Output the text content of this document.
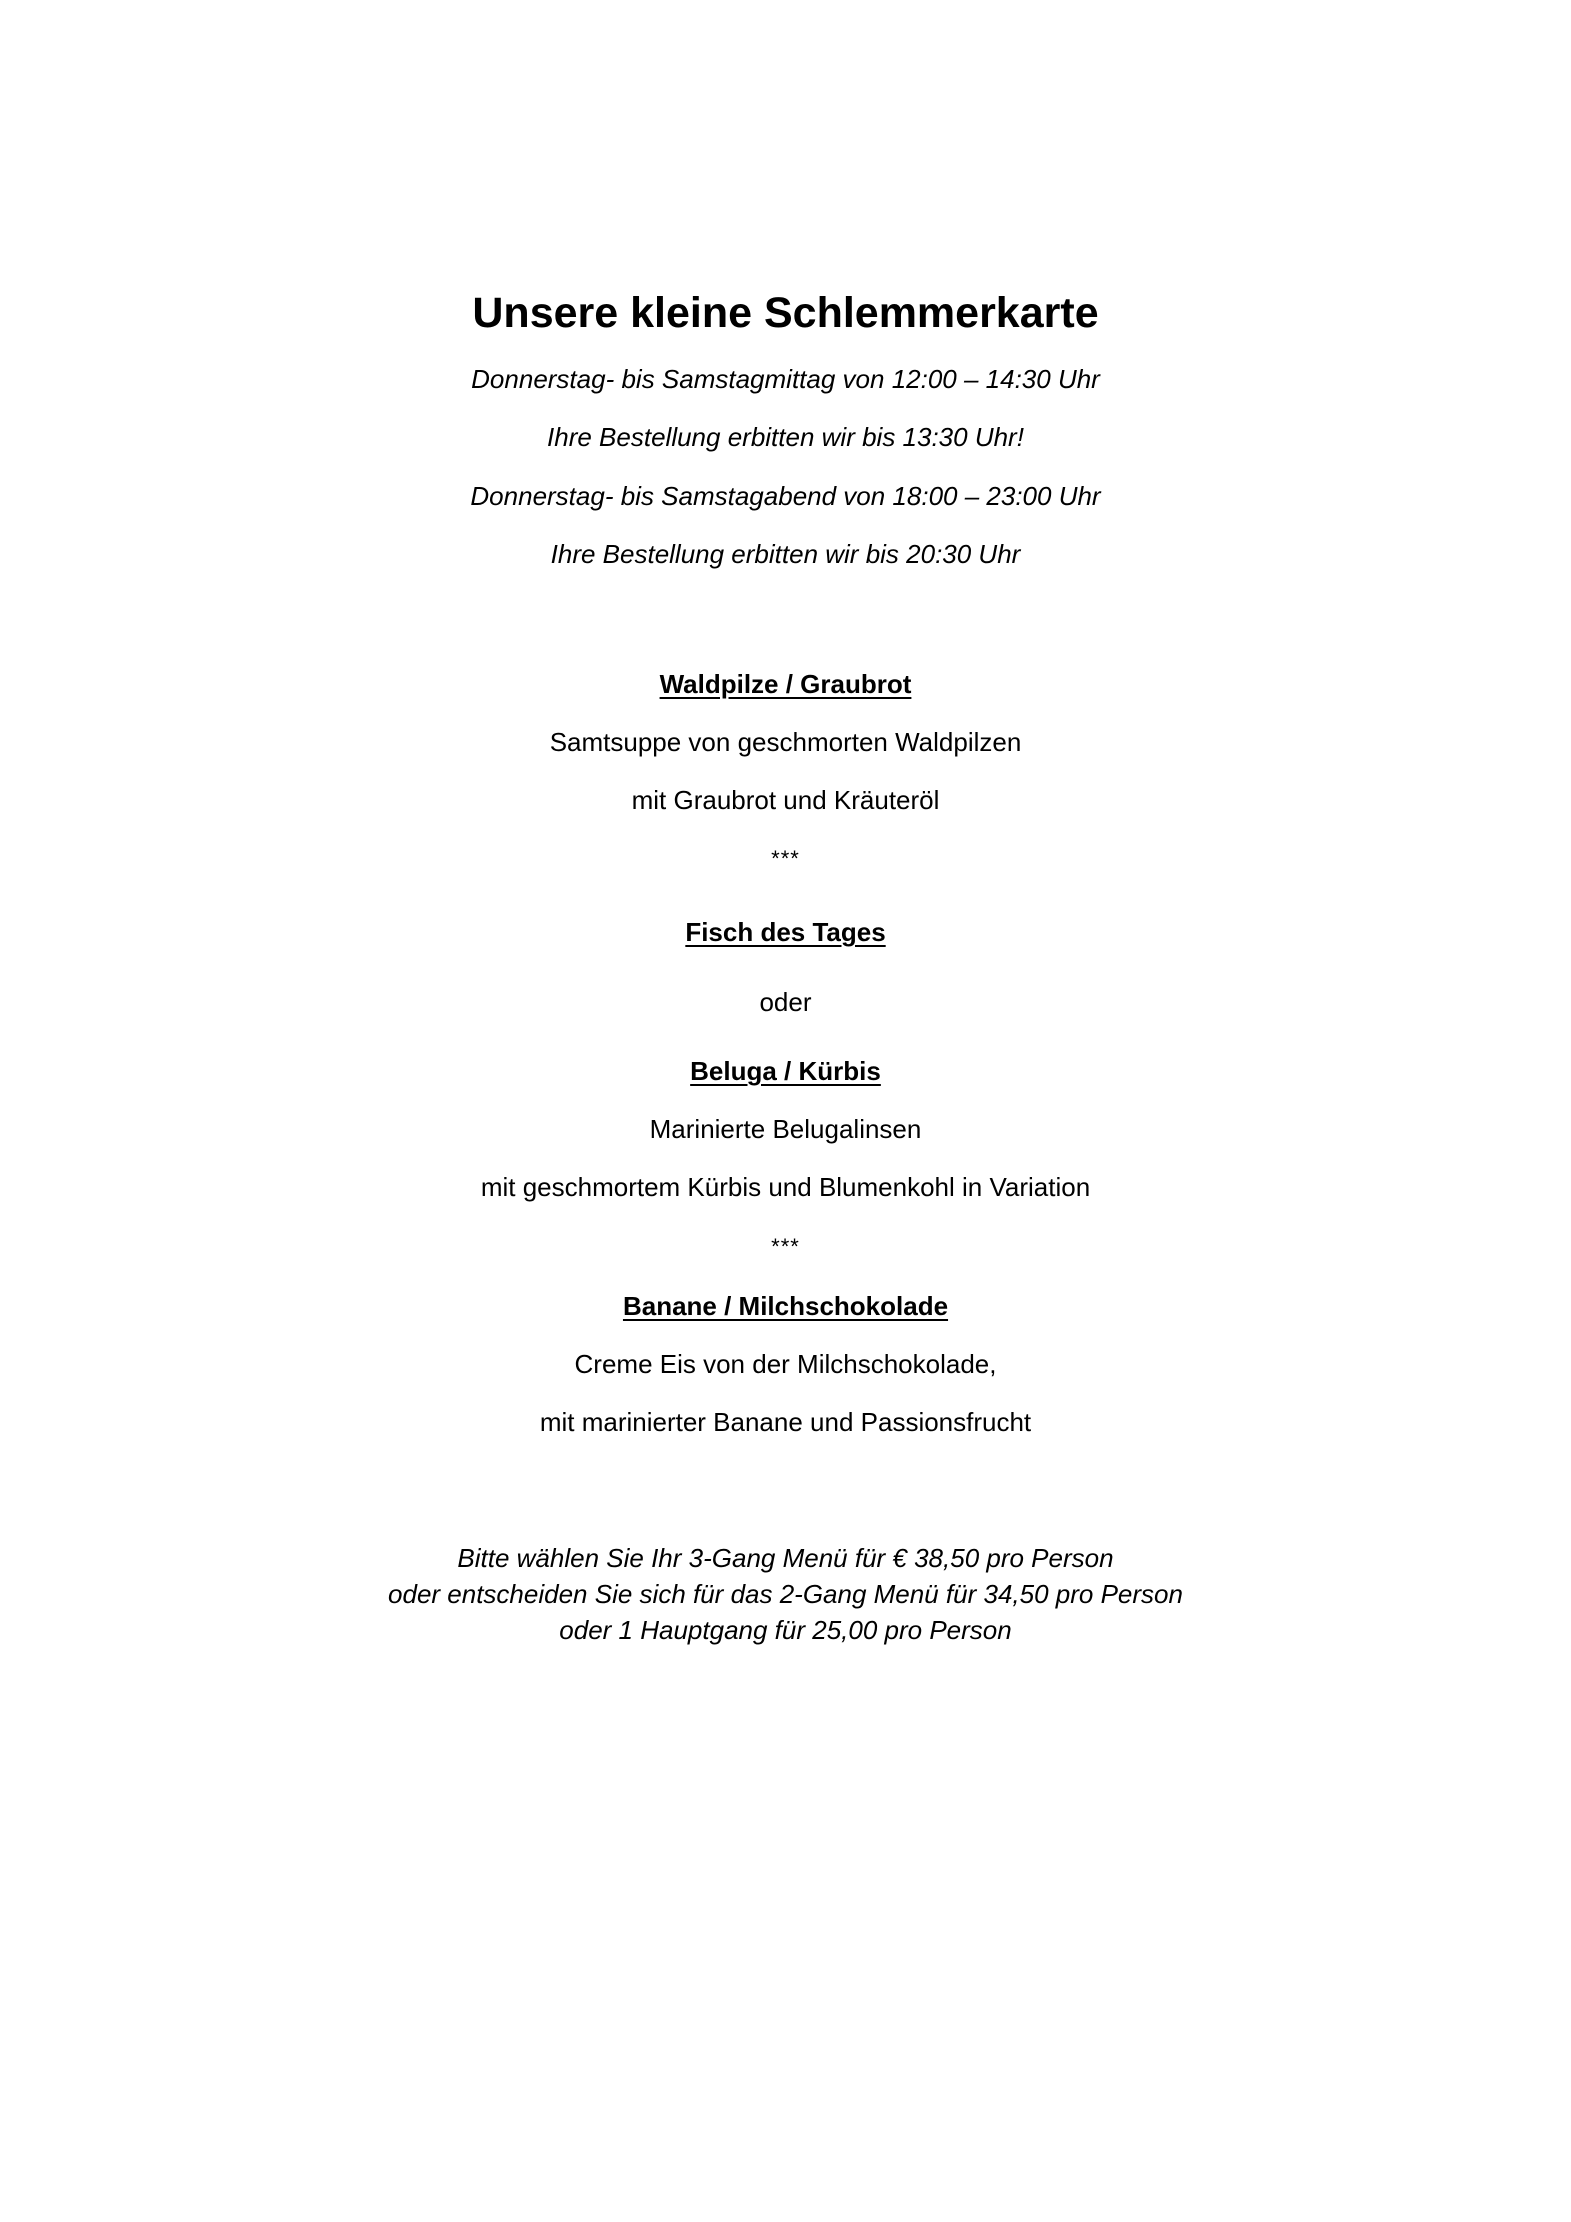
Unsere kleine Schlemmerkarte
Donnerstag- bis Samstagmittag von 12:00 – 14:30 Uhr
Ihre Bestellung erbitten wir bis 13:30 Uhr!
Donnerstag- bis Samstagabend von 18:00 – 23:00 Uhr
Ihre Bestellung erbitten wir bis 20:30 Uhr
Waldpilze / Graubrot
Samtsuppe von geschmorten Waldpilzen
mit Graubrot und Kräuteröl
***
Fisch des Tages
oder
Beluga / Kürbis
Marinierte Belugalinsen
mit geschmortem Kürbis und Blumenkohl in Variation
***
Banane / Milchschokolade
Creme Eis von der Milchschokolade,
mit marinierter Banane und Passionsfrucht
Bitte wählen Sie Ihr 3-Gang Menü für € 38,50 pro Person
oder entscheiden Sie sich für das 2-Gang Menü für 34,50 pro Person
oder 1 Hauptgang für 25,00 pro Person
